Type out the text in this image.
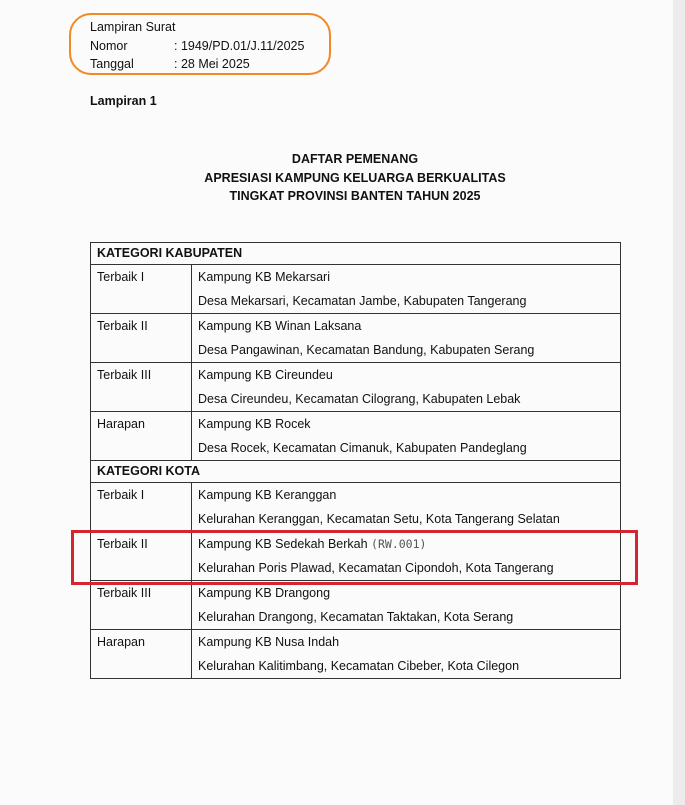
Lampiran Surat
Nomor	: 1949/PD.01/J.11/2025
Tanggal	: 28 Mei 2025
Lampiran 1
DAFTAR PEMENANG
APRESIASI KAMPUNG KELUARGA BERKUALITAS
TINGKAT PROVINSI BANTEN TAHUN 2025
KATEGORI KABUPATEN	

Terbaik I	Kampung KB Mekarsari
Desa Mekarsari, Kecamatan Jambe, Kabupaten Tangerang

Terbaik II	Kampung KB Winan Laksana
Desa Pangawinan, Kecamatan Bandung, Kabupaten Serang

Terbaik III	Kampung KB Cireundeu
Desa Cireundeu, Kecamatan Cilograng, Kabupaten Lebak

Harapan	Kampung KB Rocek
Desa Rocek, Kecamatan Cimanuk, Kabupaten Pandeglang

KATEGORI KOTA	

Terbaik I	Kampung KB Keranggan
Kelurahan Keranggan, Kecamatan Setu, Kota Tangerang Selatan

Terbaik II	Kampung KB Sedekah Berkah (RW.001)
Kelurahan Poris Plawad, Kecamatan Cipondoh, Kota Tangerang

Terbaik III	Kampung KB Drangong
Kelurahan Drangong, Kecamatan Taktakan, Kota Serang

Harapan	Kampung KB Nusa Indah
Kelurahan Kalitimbang, Kecamatan Cibeber, Kota Cilegon
